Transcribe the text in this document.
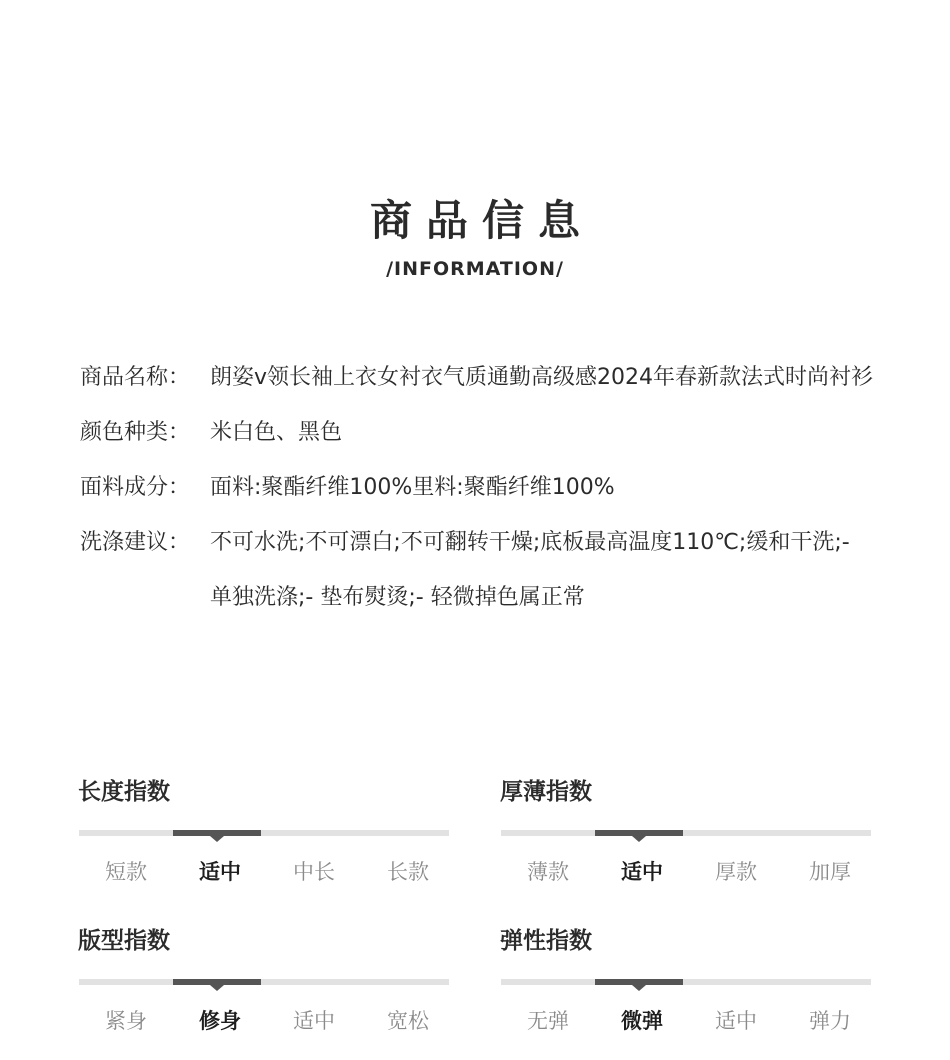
商品信息
/INFORMATION/
商品名称： 朗姿v领长袖上衣女衬衣气质通勤高级感2024年春新款法式时尚衬衫
颜色种类： 米白色、黑色
面料成分： 面料:聚酯纤维100%里料:聚酯纤维100%
洗涤建议： 不可水洗;不可漂白;不可翻转干燥;底板最高温度110℃;缓和干洗;- 单独洗涤;- 垫布熨烫;- 轻微掉色属正常
长度指数
短款	适中	中长	长款
厚薄指数
薄款	适中	厚款	加厚
版型指数
紧身	修身	适中	宽松
弹性指数
无弹	微弹	适中	弹力
